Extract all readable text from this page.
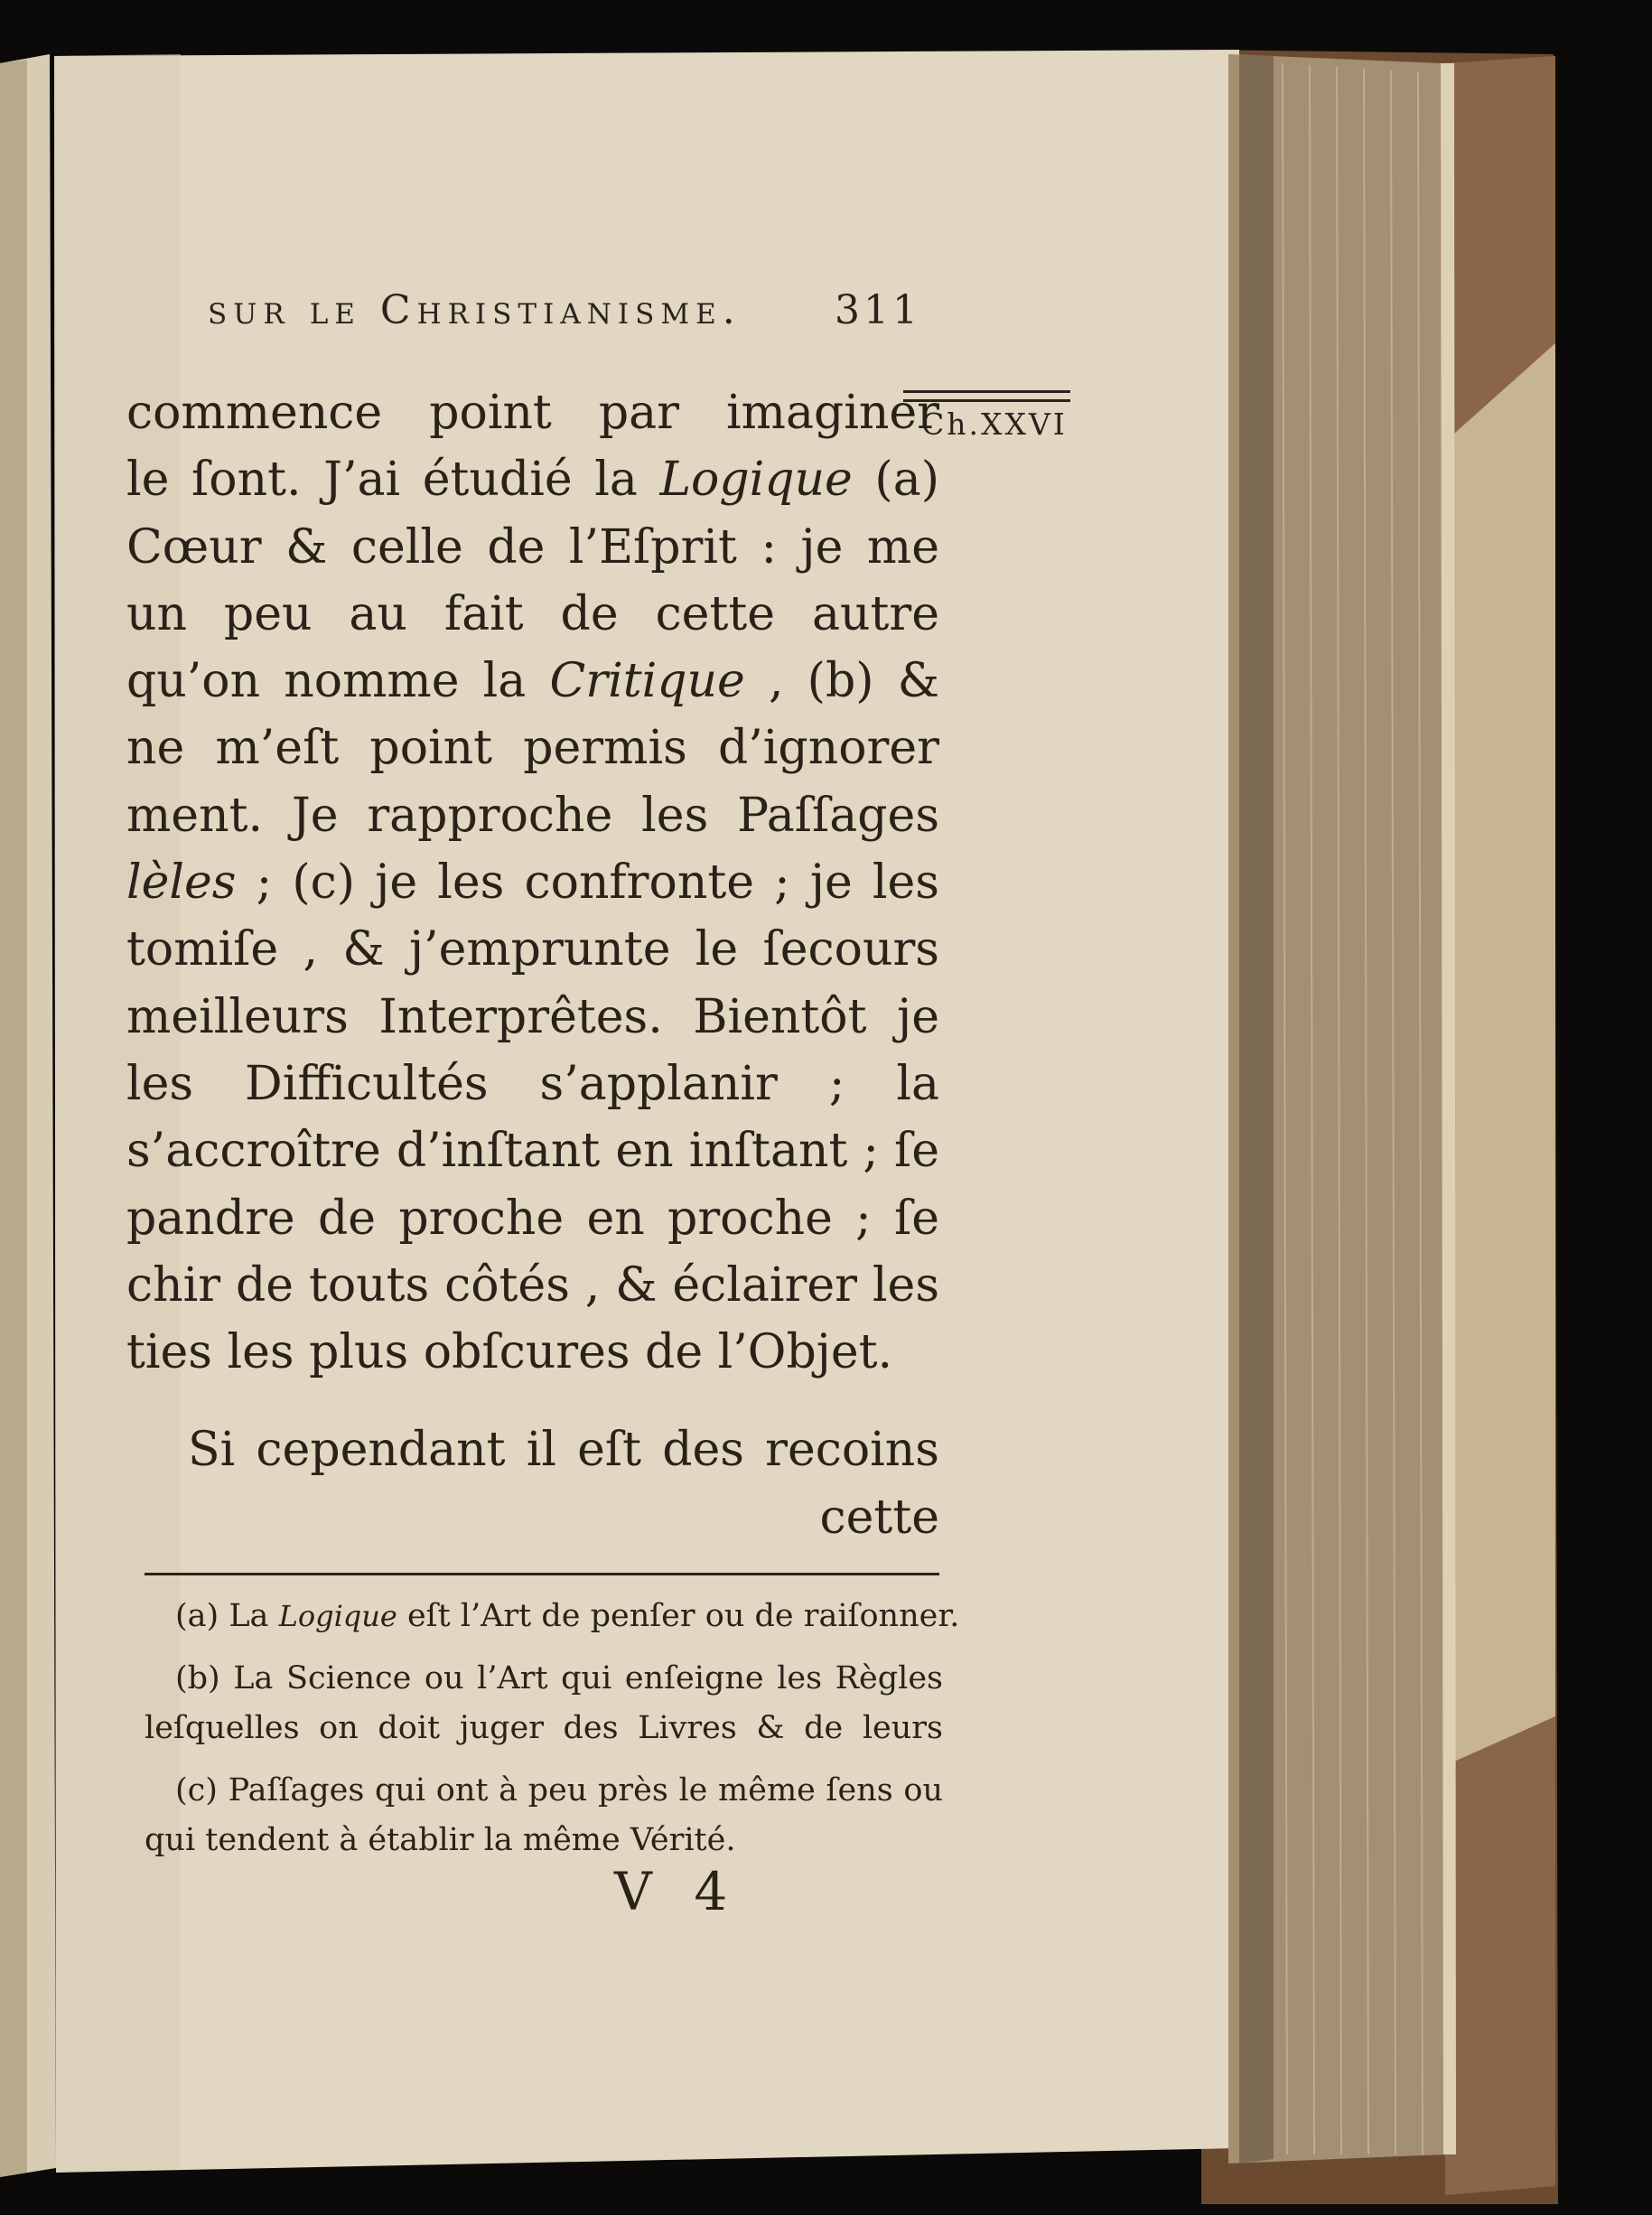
sur le Christianisme. 311
Ch.XXVI
commence point par imaginer
le ſont. J’ai étudié la Logique (a)
Cœur & celle de l’Eſprit : je me
un peu au fait de cette autre
qu’on nomme la Critique , (b) &
ne m’eſt point permis d’ignorer
ment. Je rapproche les Paſſages
lèles ; (c) je les confronte ; je les
tomiſe , & j’emprunte le ſecours
meilleurs Interprêtes. Bientôt je
les Difficultés s’applanir ; la
s’accroître d’inſtant en inſtant ; ſe
pandre de proche en proche ; ſe
chir de touts côtés , & éclairer les
ties les plus obſcures de l’Objet.
Si cependant il eſt des recoins
cette
(a) La Logique eſt l’Art de penſer ou de raiſonner.
(b) La Science ou l’Art qui enſeigne les Règles
leſquelles on doit juger des Livres & de leurs
(c) Paſſages qui ont à peu près le même ſens ou
qui tendent à établir la même Vérité.
V 4
